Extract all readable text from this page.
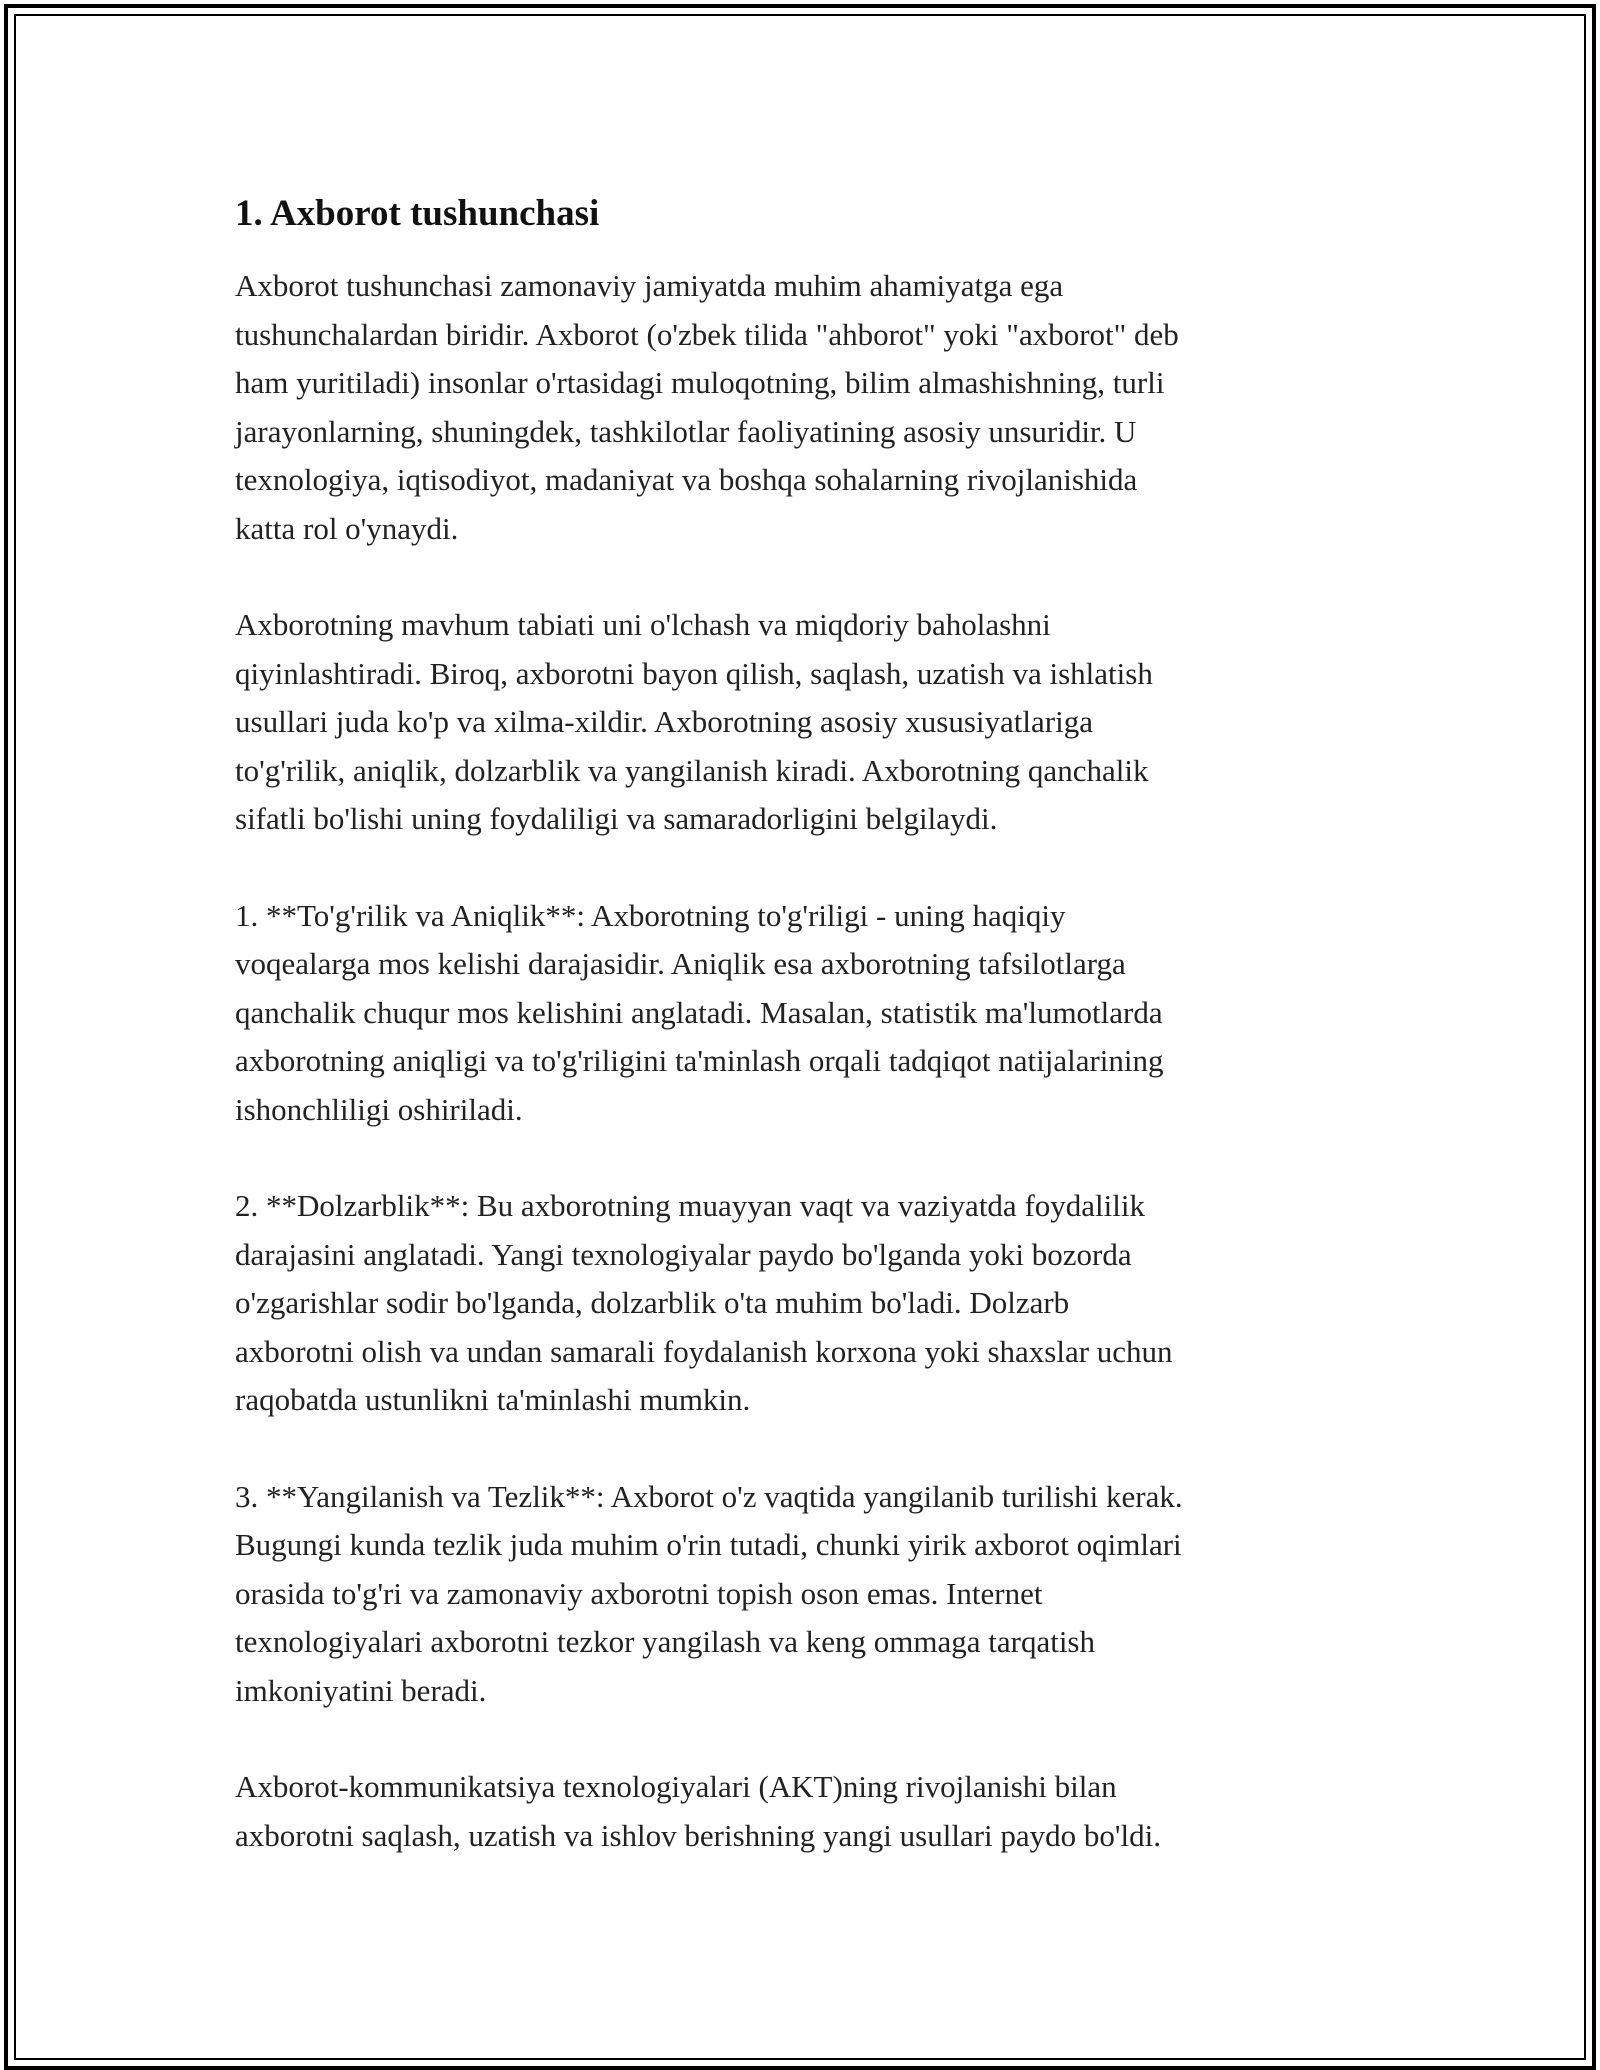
1. Axborot tushunchasi

Axborot tushunchasi zamonaviy jamiyatda muhim ahamiyatga ega
tushunchalardan biridir. Axborot (o'zbek tilida "ahborot" yoki "axborot" deb
ham yuritiladi) insonlar o'rtasidagi muloqotning, bilim almashishning, turli
jarayonlarning, shuningdek, tashkilotlar faoliyatining asosiy unsuridir. U
texnologiya, iqtisodiyot, madaniyat va boshqa sohalarning rivojlanishida
katta rol o'ynaydi.

Axborotning mavhum tabiati uni o'lchash va miqdoriy baholashni
qiyinlashtiradi. Biroq, axborotni bayon qilish, saqlash, uzatish va ishlatish
usullari juda ko'p va xilma-xildir. Axborotning asosiy xususiyatlariga
to'g'rilik, aniqlik, dolzarblik va yangilanish kiradi. Axborotning qanchalik
sifatli bo'lishi uning foydaliligi va samaradorligini belgilaydi.

1. **To'g'rilik va Aniqlik**: Axborotning to'g'riligi - uning haqiqiy
voqealarga mos kelishi darajasidir. Aniqlik esa axborotning tafsilotlarga
qanchalik chuqur mos kelishini anglatadi. Masalan, statistik ma'lumotlarda
axborotning aniqligi va to'g'riligini ta'minlash orqali tadqiqot natijalarining
ishonchliligi oshiriladi.

2. **Dolzarblik**: Bu axborotning muayyan vaqt va vaziyatda foydalilik
darajasini anglatadi. Yangi texnologiyalar paydo bo'lganda yoki bozorda
o'zgarishlar sodir bo'lganda, dolzarblik o'ta muhim bo'ladi. Dolzarb
axborotni olish va undan samarali foydalanish korxona yoki shaxslar uchun
raqobatda ustunlikni ta'minlashi mumkin.

3. **Yangilanish va Tezlik**: Axborot o'z vaqtida yangilanib turilishi kerak.
Bugungi kunda tezlik juda muhim o'rin tutadi, chunki yirik axborot oqimlari
orasida to'g'ri va zamonaviy axborotni topish oson emas. Internet
texnologiyalari axborotni tezkor yangilash va keng ommaga tarqatish
imkoniyatini beradi.

Axborot-kommunikatsiya texnologiyalari (AKT)ning rivojlanishi bilan
axborotni saqlash, uzatish va ishlov berishning yangi usullari paydo bo'ldi.
